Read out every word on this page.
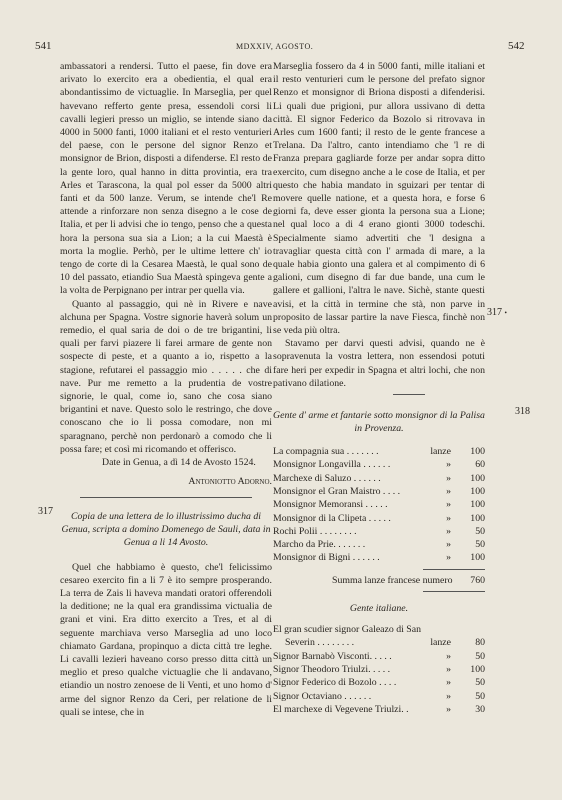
541	MDXXIV, AGOSTO.	542

ambassatori a rendersi. Tutto el paese, fin dove era arivato lo exercito era a obedientia, el qual era abondantissimo de victuaglie. In Marseglia, per quel havevano refferto gente presa, essendoli corsi li cavalli legieri presso un miglio, se intende siano da 4000 in 5000 fanti, 1000 italiani et el resto venturieri del paese, con le persone del signor Renzo et monsignor de Brion, disposti a difenderse. El resto de la gente loro, qual hanno in ditta provintia, era tra Arles et Tarascona, la qual pol esser da 5000 altri fanti et da 500 lanze. Verum, se intende che'l Re attende a rinforzare non senza disegno a le cose de Italia, et per li advisi che io tengo, penso che a questa hora la persona sua sia a Lion; a la cui Maestà è morta la moglie. Perhò, per le ultime lettere ch' io tengo de corte di la Cesarea Maestà, le qual sono de 10 del passato, etiandio Sua Maestà spingeva gente a la volta de Perpignano per intrar per quella via.

Quanto al passaggio, qui nè in Rivere e nave alchuna per Spagna. Vostre signorie haverà solum un remedio, el qual saria de doi o de tre brigantini, li quali per farvi piazere li farei armare de gente non sospecte di peste, et a quanto a io, rispetto a la stagione, refutarei el passaggio mio . . . . . che di nave. Pur me remetto a la prudentia de vostre signorie, le qual, come io, sano che cosa siano brigantini et nave. Questo solo le restringo, che dove conoscano che io li possa comodare, non mi sparagnano, perchè non perdonarò a comodo che li possa fare; et così mi ricomando et offerisco.

Date in Genua, a dì 14 de Avosto 1524.

Antoniotto Adorno.
Copia de una lettera de lo illustrissimo ducha di Genua, scripta a domino Domenego de Sauli, data in Genua a li 14 Avosto.

Quel che habbiamo è questo, che'l felicissimo cesareo exercito fin a li 7 è ito sempre prosperando. La terra de Zais li haveva mandati oratori offerendoli la deditione; ne la qual era grandissima victualia de grani et vini. Era ditto exercito a Tres, et al di seguente marchiava verso Marseglia ad uno loco chiamato Gardana, propinquo a dicta città tre leghe. Li cavalli lezieri haveano corso presso ditta città un meglio et preso qualche victuaglie che li andavano, etiandio un nostro zenoese de li Venti, et uno homo d' arme del signor Renzo da Ceri, per relatione de li quali se intese, che in

317

Marseglia fossero da 4 in 5000 fanti, mille italiani et il resto venturieri cum le persone del prefato signor Renzo et monsignor di Briona disposti a difenderisi. Li quali due prigioni, pur allora ussivano di detta città. El signor Federico da Bozolo si ritrovava in Arles cum 1600 fanti; il resto de le gente francese a Trelana. Da l'altro, canto intendiamo che 'l re di Franza prepara gagliarde forze per andar sopra ditto exercito, cum disegno anche a le cose de Italia, et per questo che habia mandato in sguizari per tentar di movere quelle natione, et a questa hora, e forse 6 giorni fa, deve esser gionta la persona sua a Lione; nel qual loco a di 4 erano gionti 3000 todeschi. Specialmente siamo advertiti che 'l designa a travagliar questa città con l' armada di mare, a la quale habia gionto una galera et al compimento di 6 galioni, cum disegno di far due bande, una cum le gallere et gallioni, l'altra le nave. Sichè, stante questi avisi, et la città in termine che stà, non parve in proposito de lassar partire la nave Fiesca, finchè non se veda più oltra.

Stavamo per darvi questi advisi, quando ne è sopravenuta la vostra lettera, non essendosi potuti fare heri per expedir in Spagna et altri lochi, che non pativano dilatione.

Gente d' arme et fantarie sotto monsignor di la Palisa in Provenza.
La compagnia sua . . . . . . .	lanze	100
Monsignor Longavilla . . . . . .	»	60
Marchexe di Saluzo . . . . . .	»	100
Monsignor el Gran Maistro . . . .	»	100
Monsignor Memoransi . . . . .	»	100
Monsignor di la Clipeta . . . . .	»	100
Rochi Polii . . . . . . . .	»	50
Marcho da Prie. . . . . . .	»	50
Monsignor di Bigni . . . . . .	»	100
Summa lanze francese numero 760
Gente italiane.
El gran scudier signor Galeazo di San
Severin . . . . . . . .	lanze	80
Signor Barnabò Visconti. . . . .	»	50
Signor Theodoro Triulzi. . . . .	»	100
Signor Federico di Bozolo . . . .	»	50
Signor Octaviano . . . . . .	»	50
El marchexe di Vegevene Triulzi. .	»	30
317 •
318
